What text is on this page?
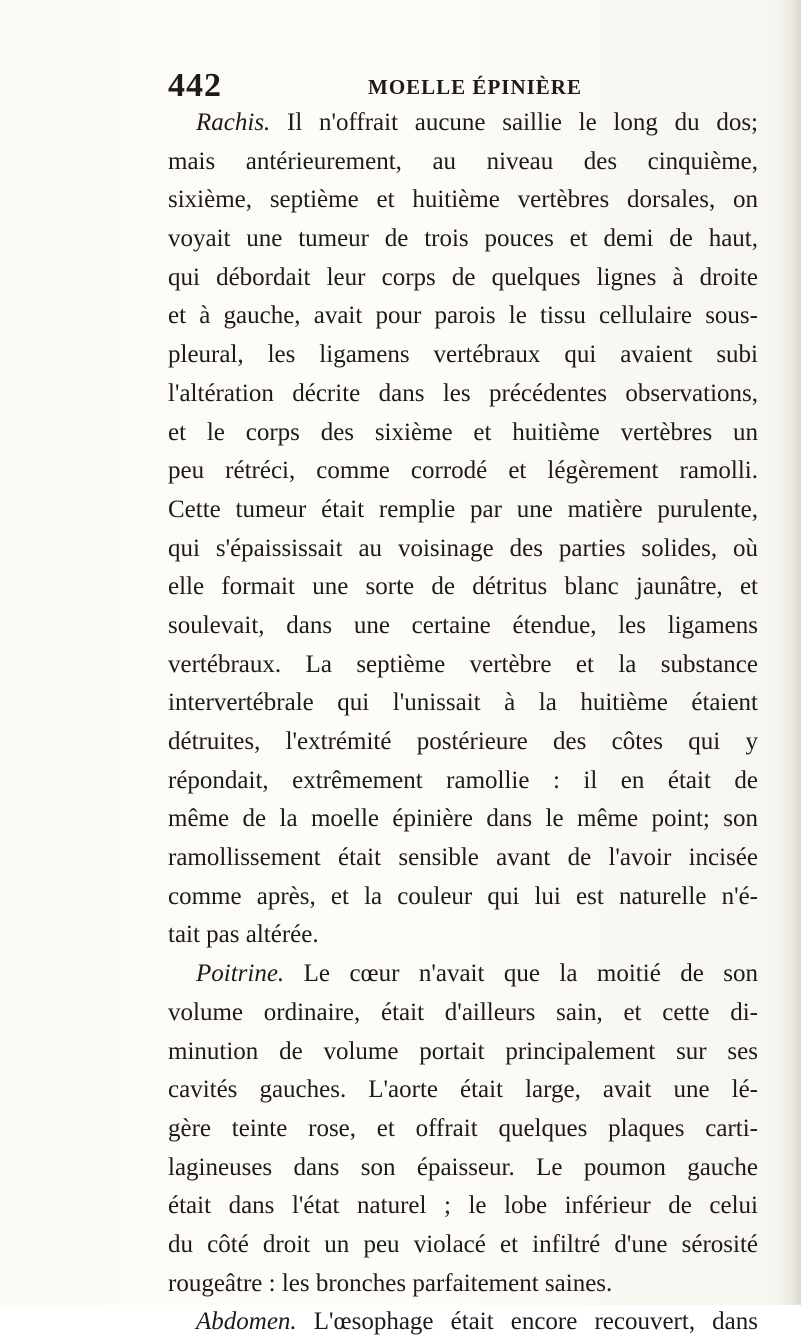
442	MOELLE ÉPINIÈRE
Rachis. Il n'offrait aucune saillie le long du dos;
mais antérieurement, au niveau des cinquième,
sixième, septième et huitième vertèbres dorsales, on
voyait une tumeur de trois pouces et demi de haut,
qui débordait leur corps de quelques lignes à droite
et à gauche, avait pour parois le tissu cellulaire sous-
pleural, les ligamens vertébraux qui avaient subi
l'altération décrite dans les précédentes observations,
et le corps des sixième et huitième vertèbres un
peu rétréci, comme corrodé et légèrement ramolli.
Cette tumeur était remplie par une matière purulente,
qui s'épaississait au voisinage des parties solides, où
elle formait une sorte de détritus blanc jaunâtre, et
soulevait, dans une certaine étendue, les ligamens
vertébraux. La septième vertèbre et la substance
intervertébrale qui l'unissait à la huitième étaient
détruites, l'extrémité postérieure des côtes qui y
répondait, extrêmement ramollie : il en était de
même de la moelle épinière dans le même point; son
ramollissement était sensible avant de l'avoir incisée
comme après, et la couleur qui lui est naturelle n'é-
tait pas altérée.
Poitrine. Le cœur n'avait que la moitié de son
volume ordinaire, était d'ailleurs sain, et cette di-
minution de volume portait principalement sur ses
cavités gauches. L'aorte était large, avait une lé-
gère teinte rose, et offrait quelques plaques carti-
lagineuses dans son épaisseur. Le poumon gauche
était dans l'état naturel ; le lobe inférieur de celui
du côté droit un peu violacé et infiltré d'une sérosité
rougeâtre : les bronches parfaitement saines.
Abdomen. L'œsophage était encore recouvert, dans
